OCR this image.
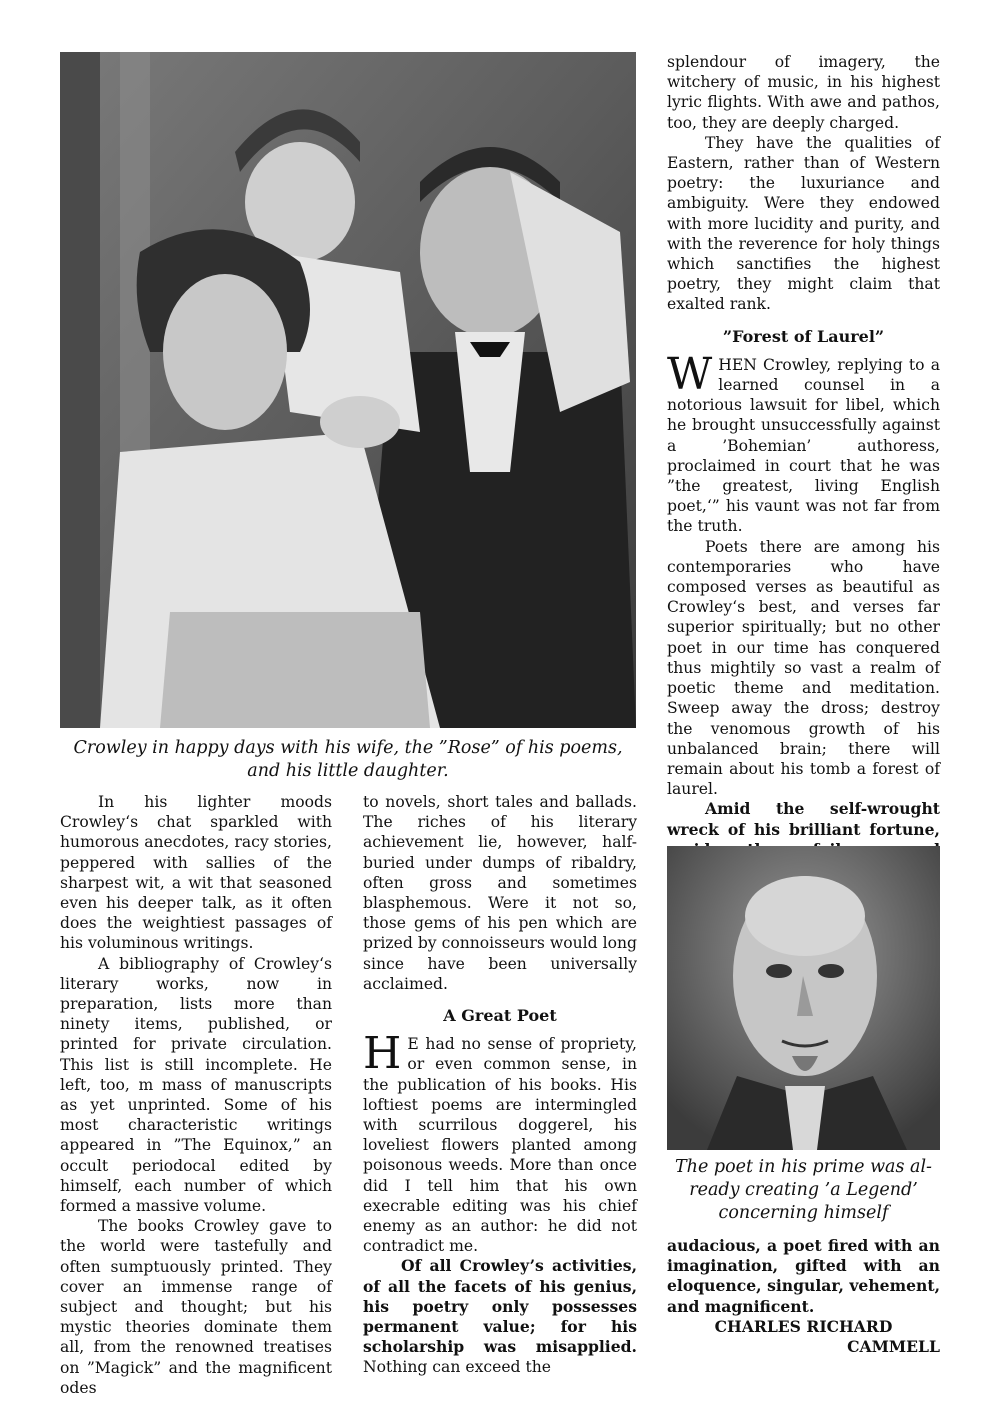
Crowley in happy days with his wife, the ”Rose” of his poems,
and his little daughter.

In his lighter moods Crowley‘s chat sparkled with humorous anecdotes, racy stories, peppered with sallies of the sharpest wit, a wit that seasoned even his deeper talk, as it often does the weightiest passages of his voluminous writings.

A bibliography of Crowley‘s literary works, now in preparation, lists more than ninety items, published, or printed for private circulation. This list is still incomplete. He left, too, m mass of manuscripts as yet unprinted. Some of his most characteristic writings appeared in ”The Equinox,” an occult periodocal edited by himself, each number of which formed a massive volume.

The books Crowley gave to the world were tastefully and often sumptuously printed. They cover an immense range of subject and thought; but his mystic theories dominate them all, from the renowned treatises on ”Magick” and the magnificent odes

to novels, short tales and ballads. The riches of his literary achievement lie, however, half-buried under dumps of ribaldry, often gross and sometimes blasphemous. Were it not so, those gems of his pen which are prized by connoisseurs would long since have been universally acclaimed.

A Great Poet

H E had no sense of propriety, or even common sense, in the publication of his books. His loftiest poems are intermingled with scurrilous doggerel, his loveliest flowers planted among poisonous weeds. More than once did I tell him that his own execrable editing was his chief enemy as an author: he did not contradict me.

Of all Crowley’s activities, of all the facets of his genius, his poetry only possesses permanent value; for his scholarship was misapplied. Nothing can exceed the

splendour of imagery, the witchery of music, in his highest lyric flights. With awe and pathos, too, they are deeply charged.

They have the qualities of Eastern, rather than of Western poetry: the luxuriance and ambiguity. Were they endowed with more lucidity and purity, and with the reverence for holy things which sanctifies the highest poetry, they might claim that exalted rank.

”Forest of Laurel”

WHEN Crowley, replying to a learned counsel in a notorious lawsuit for libel, which he brought unsuccessfully against a ’Bohemian’ authoress, proclaimed in court that he was ”the greatest, living English poet,‘” his vaunt was not far from the truth.

Poets there are among his contemporaries who have composed verses as beautiful as Crowley‘s best, and verses far superior spiritually; but no other poet in our time has conquered thus mightily so vast a realm of poetic theme and meditation. Sweep away the dross; destroy the venomous growth of his unbalanced brain; there will remain about his tomb a forest of laurel.

Amid the self-wrought wreck of his brilliant fortune,

The poet in his prime was al-
ready creating ’a Legend’
concerning himself

audacious, a poet fired with an imagination, gifted with an eloquence, singular, vehement, and magnificent.

CHARLES RICHARD
CAMMELL
